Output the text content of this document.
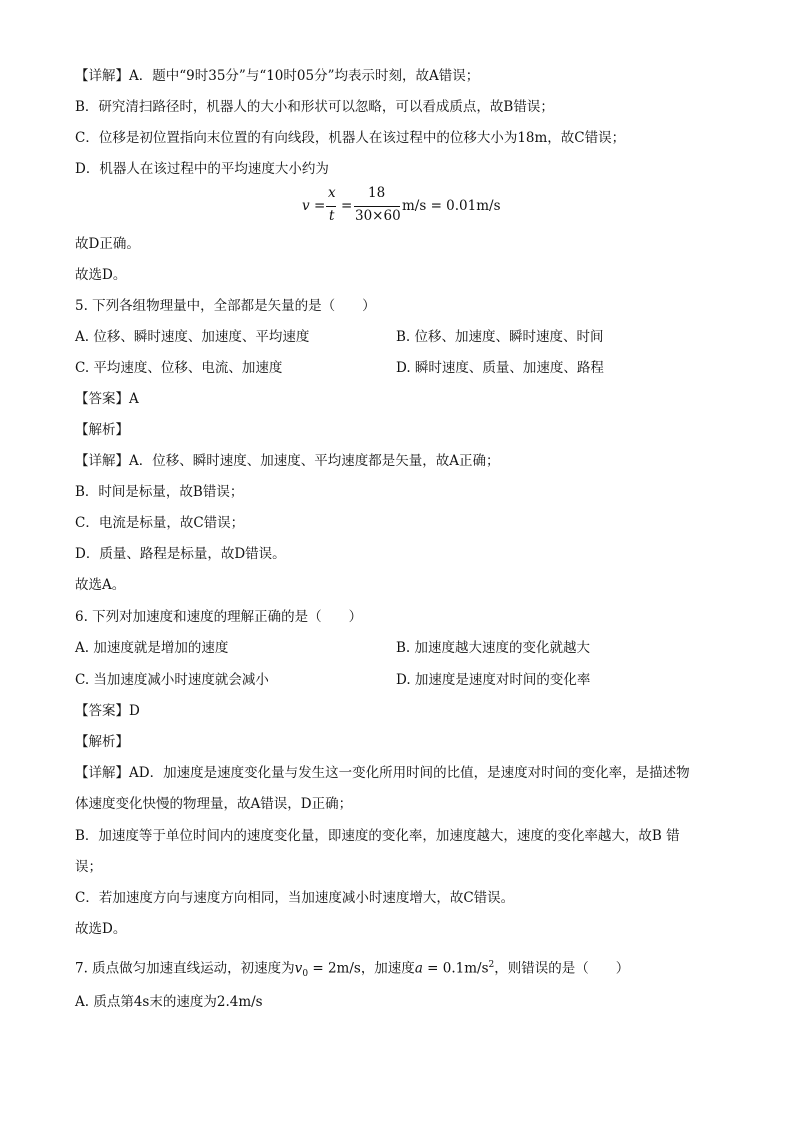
【详解】A．题中“9时35分”与“10时05分”均表示时刻，故A错误；
B．研究清扫路径时，机器人的大小和形状可以忽略，可以看成质点，故B错误；
C．位移是初位置指向末位置的有向线段，机器人在该过程中的位移大小为18m，故C错误；
D．机器人在该过程中的平均速度大小约为
v =
x
t
=
18
30×60
m/s = 0.01m/s
故D正确。
故选D。
5. 下列各组物理量中，全部都是矢量的是（　　）
A. 位移、瞬时速度、加速度、平均速度	B. 位移、加速度、瞬时速度、时间
C. 平均速度、位移、电流、加速度	D. 瞬时速度、质量、加速度、路程
【答案】A
【解析】
【详解】A．位移、瞬时速度、加速度、平均速度都是矢量，故A正确；
B．时间是标量，故B错误；
C．电流是标量，故C错误；
D．质量、路程是标量，故D错误。
故选A。
6. 下列对加速度和速度的理解正确的是（　　）
A. 加速度就是增加的速度	B. 加速度越大速度的变化就越大
C. 当加速度减小时速度就会减小	D. 加速度是速度对时间的变化率
【答案】D
【解析】
【详解】AD．加速度是速度变化量与发生这一变化所用时间的比值，是速度对时间的变化率，是描述物
体速度变化快慢的物理量，故A错误，D正确；
B．加速度等于单位时间内的速度变化量，即速度的变化率，加速度越大，速度的变化率越大，故B 错
误；
C．若加速度方向与速度方向相同，当加速度减小时速度增大，故C错误。
故选D。
7. 质点做匀加速直线运动，初速度为$v_0 = 2m/s$，加速度$a = 0.1m/s^2$，则错误的是（　　）
A. 质点第4s末的速度为2.4m/s
